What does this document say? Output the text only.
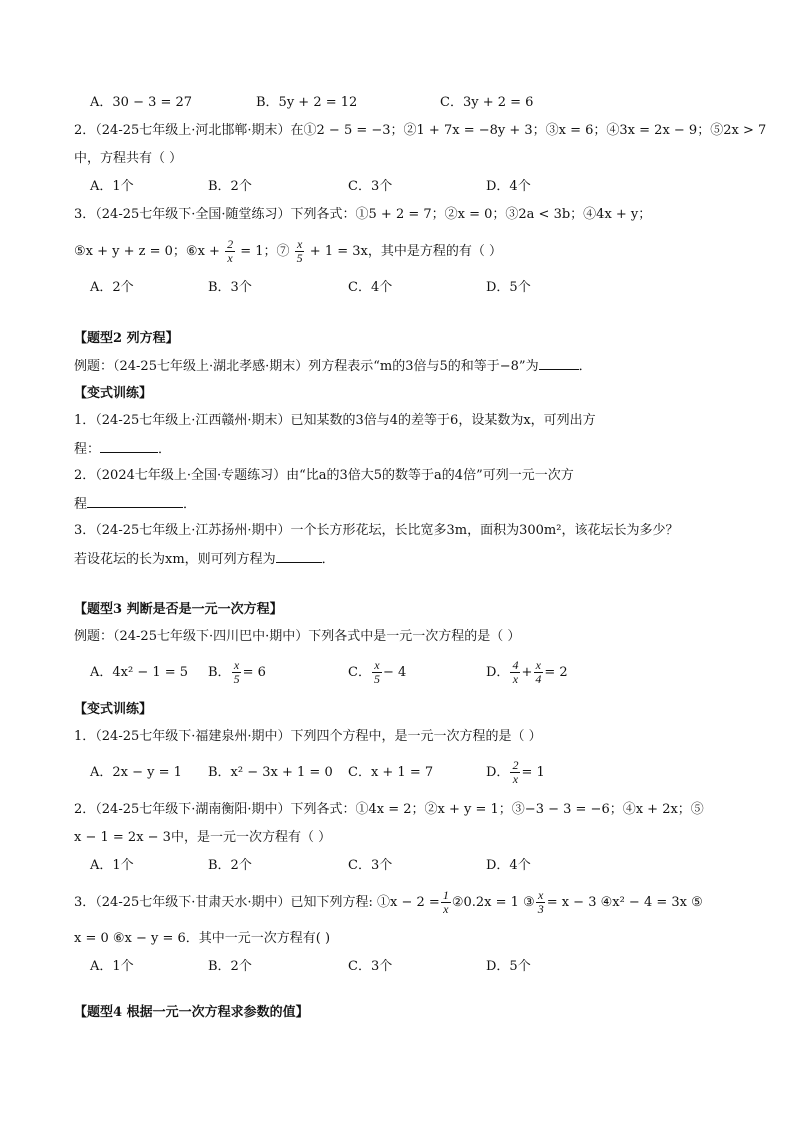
A．30 − 3 = 27	B．5y + 2 = 12	C．3y + 2 = 6
2．（24-25七年级上·河北邯郸·期末）在①2 − 5 = −3；②1 + 7x = −8y + 3；③x = 6；④3x = 2x − 9；⑤2x > 7
中，方程共有（ ）
A．1个	B．2个	C．3个	D．4个
3．（24-25七年级下·全国·随堂练习）下列各式：①5 + 2 = 7；②x = 0；③2a < 3b；④4x + y；
⑤x + y + z = 0；⑥x + $\frac{2}{x} = 1$；⑦ $\frac{x}{5} + 1 = 3x$，其中是方程的有（ ）
A．2个	B．3个	C．4个	D．5个
【题型2 列方程】
例题：（24-25七年级上·湖北孝感·期末）列方程表示“m的3倍与5的和等于−8”为	．
【变式训练】
1．（24-25七年级上·江西赣州·期末）已知某数的3倍与4的差等于6，设某数为x，可列出方
程：	．
2．（2024七年级上·全国·专题练习）由“比a的3倍大5的数等于a的4倍”可列一元一次方
程	．
3．（24-25七年级上·江苏扬州·期中）一个长方形花坛，长比宽多3m，面积为300m²，该花坛长为多少？
若设花坛的长为xm，则可列方程为	．
【题型3 判断是否是一元一次方程】
例题：（24-25七年级下·四川巴中·期中）下列各式中是一元一次方程的是（ ）
A．4x² − 1 = 5 B． $\frac{x}{5} = 6$	C． $\frac{x}{5} - 4$	D． $\frac{4}{x} + \frac{x}{4} = 2$
【变式训练】
1．（24-25七年级下·福建泉州·期中）下列四个方程中，是一元一次方程的是（ ）
A．2x − y = 1 B．x² − 3x + 1 = 0 C．x + 1 = 7	D． $\frac{2}{x} = 1$
2．（24-25七年级下·湖南衡阳·期中）下列各式：①4x = 2；②x + y = 1；③−3 − 3 = −6；④x + 2x；⑤
x − 1 = 2x − 3中，是一元一次方程有（ ）
A．1个	B．2个	C．3个	D．4个
3．（24-25七年级下·甘肃天水·期中）已知下列方程: ①x − $2 = \frac{1}{x}$ ②0.2x = 1 ③ $\frac{x}{3} = x - 3$ ④x² − 4 = 3x ⑤
x = 0 ⑥x − y = 6．其中一元一次方程有( )
A．1个	B．2个	C．3个	D．5个
【题型4 根据一元一次方程求参数的值】
